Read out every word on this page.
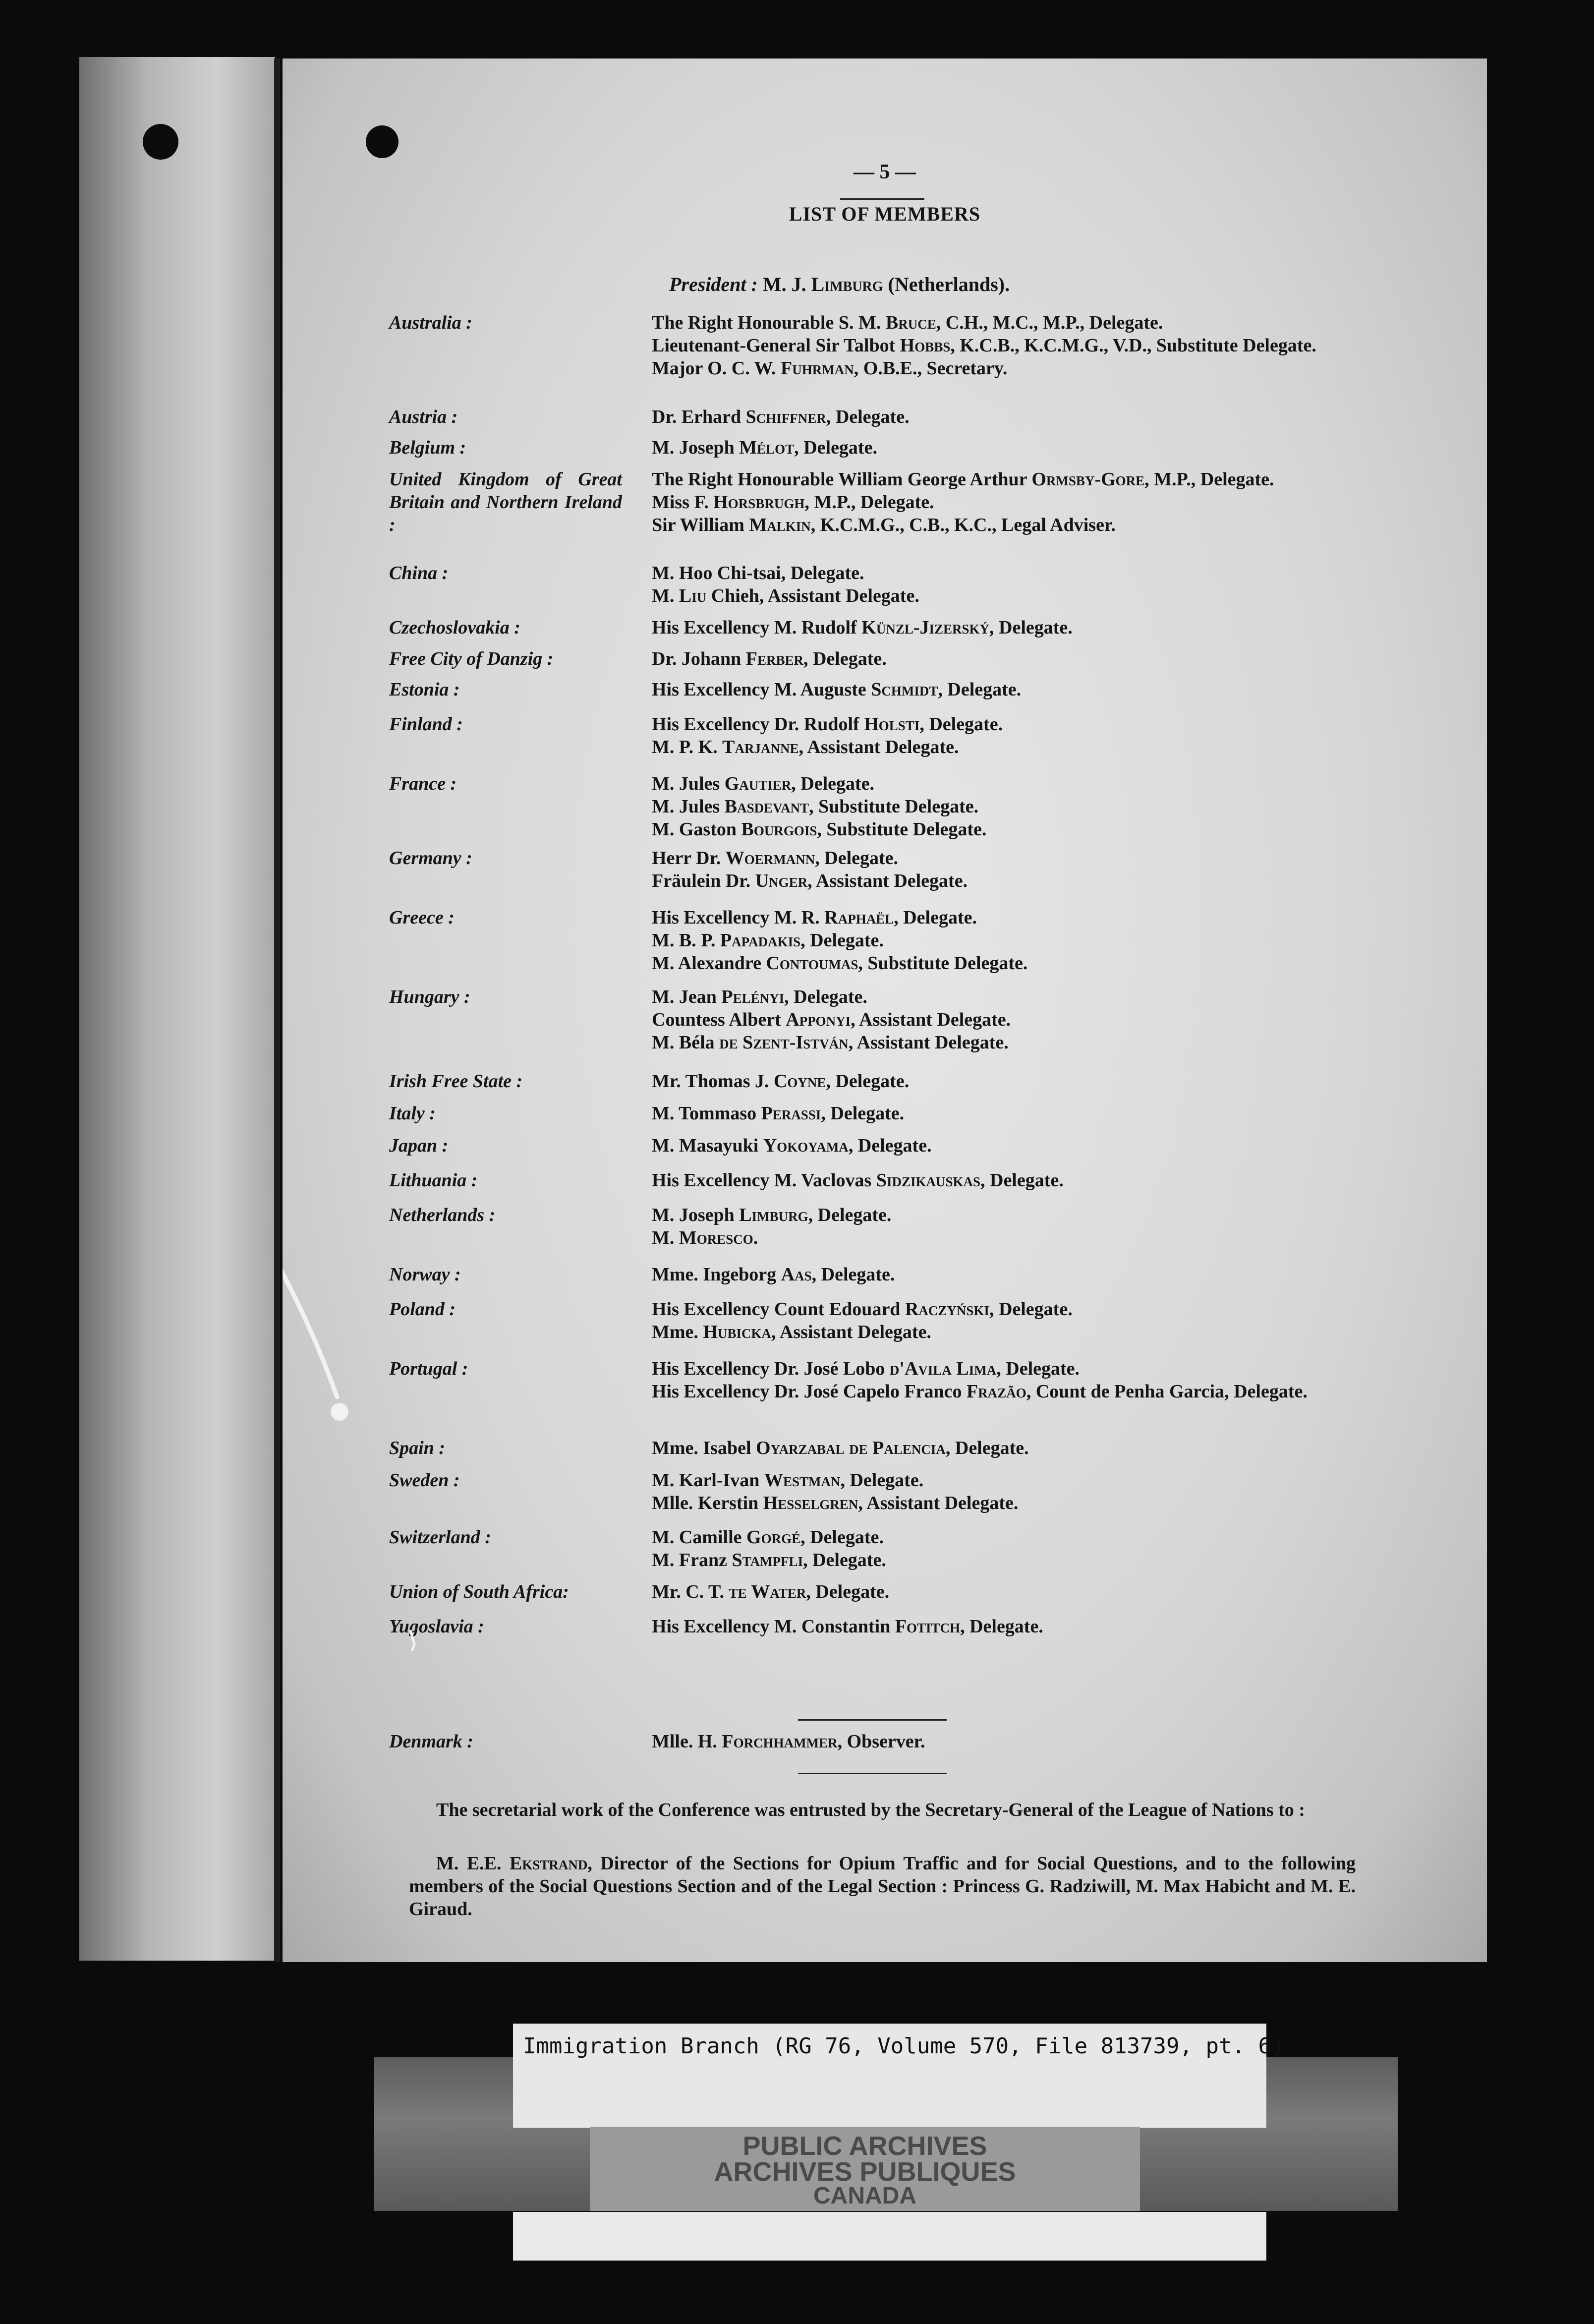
— 5 —
LIST OF MEMBERS
President : M. J. Limburg (Netherlands).
Australia :	The Right Honourable S. M. Bruce, C.H., M.C., M.P., Delegate.
Lieutenant-General Sir Talbot Hobbs, K.C.B., K.C.M.G., V.D., Substitute Delegate.
Major O. C. W. Fuhrman, O.B.E., Secretary.
Austria :	Dr. Erhard Schiffner, Delegate.
Belgium :	M. Joseph Mélot, Delegate.
United Kingdom of Great Britain and Northern Ireland :
The Right Honourable William George Arthur Ormsby-Gore, M.P., Delegate.
Miss F. Horsbrugh, M.P., Delegate.
Sir William Malkin, K.C.M.G., C.B., K.C., Legal Adviser.
China :	M. Hoo Chi-tsai, Delegate.
M. Liu Chieh, Assistant Delegate.
Czechoslovakia :	His Excellency M. Rudolf Künzl-Jizerský, Delegate.
Free City of Danzig :	Dr. Johann Ferber, Delegate.
Estonia :	His Excellency M. Auguste Schmidt, Delegate.
Finland :	His Excellency Dr. Rudolf Holsti, Delegate.
M. P. K. Tarjanne, Assistant Delegate.
France :	M. Jules Gautier, Delegate.
M. Jules Basdevant, Substitute Delegate.
M. Gaston Bourgois, Substitute Delegate.
Germany :	Herr Dr. Woermann, Delegate.
Fräulein Dr. Unger, Assistant Delegate.
Greece :	His Excellency M. R. Raphaël, Delegate.
M. B. P. Papadakis, Delegate.
M. Alexandre Contoumas, Substitute Delegate.
Hungary :	M. Jean Pelényi, Delegate.
Countess Albert Apponyi, Assistant Delegate.
M. Béla de Szent-István, Assistant Delegate.
Irish Free State :	Mr. Thomas J. Coyne, Delegate.
Italy :	M. Tommaso Perassi, Delegate.
Japan :	M. Masayuki Yokoyama, Delegate.
Lithuania :	His Excellency M. Vaclovas Sidzikauskas, Delegate.
Netherlands :	M. Joseph Limburg, Delegate.
M. Moresco.
Norway :	Mme. Ingeborg Aas, Delegate.
Poland :	His Excellency Count Edouard Raczyński, Delegate.
Mme. Hubicka, Assistant Delegate.
Portugal :	His Excellency Dr. José Lobo d'Avila Lima, Delegate.
His Excellency Dr. José Capelo Franco Frazão, Count de Penha Garcia, Delegate.
Spain :	Mme. Isabel Oyarzabal de Palencia, Delegate.
Sweden :	M. Karl-Ivan Westman, Delegate.
Mlle. Kerstin Hesselgren, Assistant Delegate.
Switzerland :	M. Camille Gorgé, Delegate.
M. Franz Stampfli, Delegate.
Union of South Africa:	Mr. C. T. te Water, Delegate.
Yugoslavia :	His Excellency M. Constantin Fotitch, Delegate.
Denmark :	Mlle. H. Forchhammer, Observer.
The secretarial work of the Conference was entrusted by the Secretary-General of the League of Nations to :
M. E.E. Ekstrand, Director of the Sections for Opium Traffic and for Social Questions, and to the following members of the Social Questions Section and of the Legal Section : Princess G. Radziwill, M. Max Habicht and M. E. Giraud.
Immigration Branch (RG 76, Volume 570, File 813739, pt. 6)
PUBLIC ARCHIVES
ARCHIVES PUBLIQUES
CANADA
